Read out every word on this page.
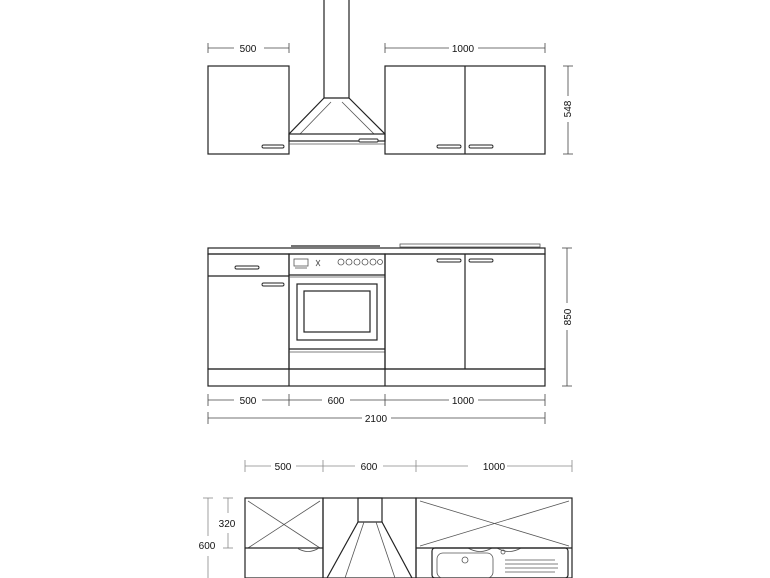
500	1000
548
850
500	600	1000
2100
500	600	1000
320
600
